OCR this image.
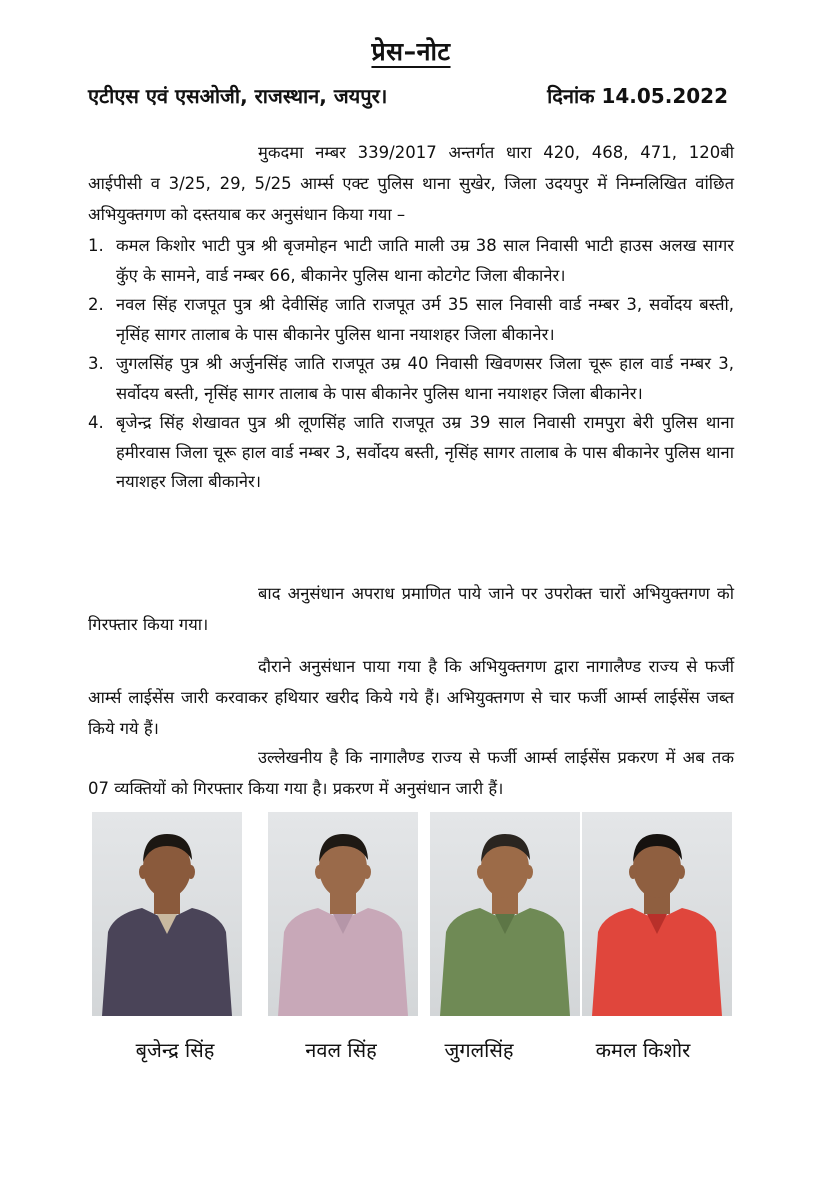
प्रेस–नोट
एटीएस एवं एसओजी, राजस्थान, जयपुर।	दिनांक 14.05.2022
मुकदमा नम्बर 339/2017 अन्तर्गत धारा 420, 468, 471, 120बी आईपीसी व 3/25, 29, 5/25 आर्म्स एक्ट पुलिस थाना सुखेर, जिला उदयपुर में निम्नलिखित वांछित अभियुक्तगण को दस्तयाब कर अनुसंधान किया गया –
1. कमल किशोर भाटी पुत्र श्री बृजमोहन भाटी जाति माली उम्र 38 साल निवासी भाटी हाउस अलख सागर कुॅए के सामने, वार्ड नम्बर 66, बीकानेर पुलिस थाना कोटगेट जिला बीकानेर।
2. नवल सिंह राजपूत पुत्र श्री देवीसिंह जाति राजपूत उर्म 35 साल निवासी वार्ड नम्बर 3, सर्वोदय बस्ती, नृसिंह सागर तालाब के पास बीकानेर पुलिस थाना नयाशहर जिला बीकानेर।
3. जुगलसिंह पुत्र श्री अर्जुनसिंह जाति राजपूत उम्र 40 निवासी खिवणसर जिला चूरू हाल वार्ड नम्बर 3, सर्वोदय बस्ती, नृसिंह सागर तालाब के पास बीकानेर पुलिस थाना नयाशहर जिला बीकानेर।
4. बृजेन्द्र सिंह शेखावत पुत्र श्री लूणसिंह जाति राजपूत उम्र 39 साल निवासी रामपुरा बेरी पुलिस थाना हमीरवास जिला चूरू हाल वार्ड नम्बर 3, सर्वोदय बस्ती, नृसिंह सागर तालाब के पास बीकानेर पुलिस थाना नयाशहर जिला बीकानेर।
बाद अनुसंधान अपराध प्रमाणित पाये जाने पर उपरोक्त चारों अभियुक्तगण को गिरफ्तार किया गया।
दौराने अनुसंधान पाया गया है कि अभियुक्तगण द्वारा नागालैण्ड राज्य से फर्जी आर्म्स लाईसेंस जारी करवाकर हथियार खरीद किये गये हैं। अभियुक्तगण से चार फर्जी आर्म्स लाईसेंस जब्त किये गये हैं।
उल्लेखनीय है कि नागालैण्ड राज्य से फर्जी आर्म्स लाईसेंस प्रकरण में अब तक 07 व्यक्तियों को गिरफ्तार किया गया है। प्रकरण में अनुसंधान जारी हैं।
बृजेन्द्र सिंह	नवल सिंह	जुगलसिंह	कमल किशोर
